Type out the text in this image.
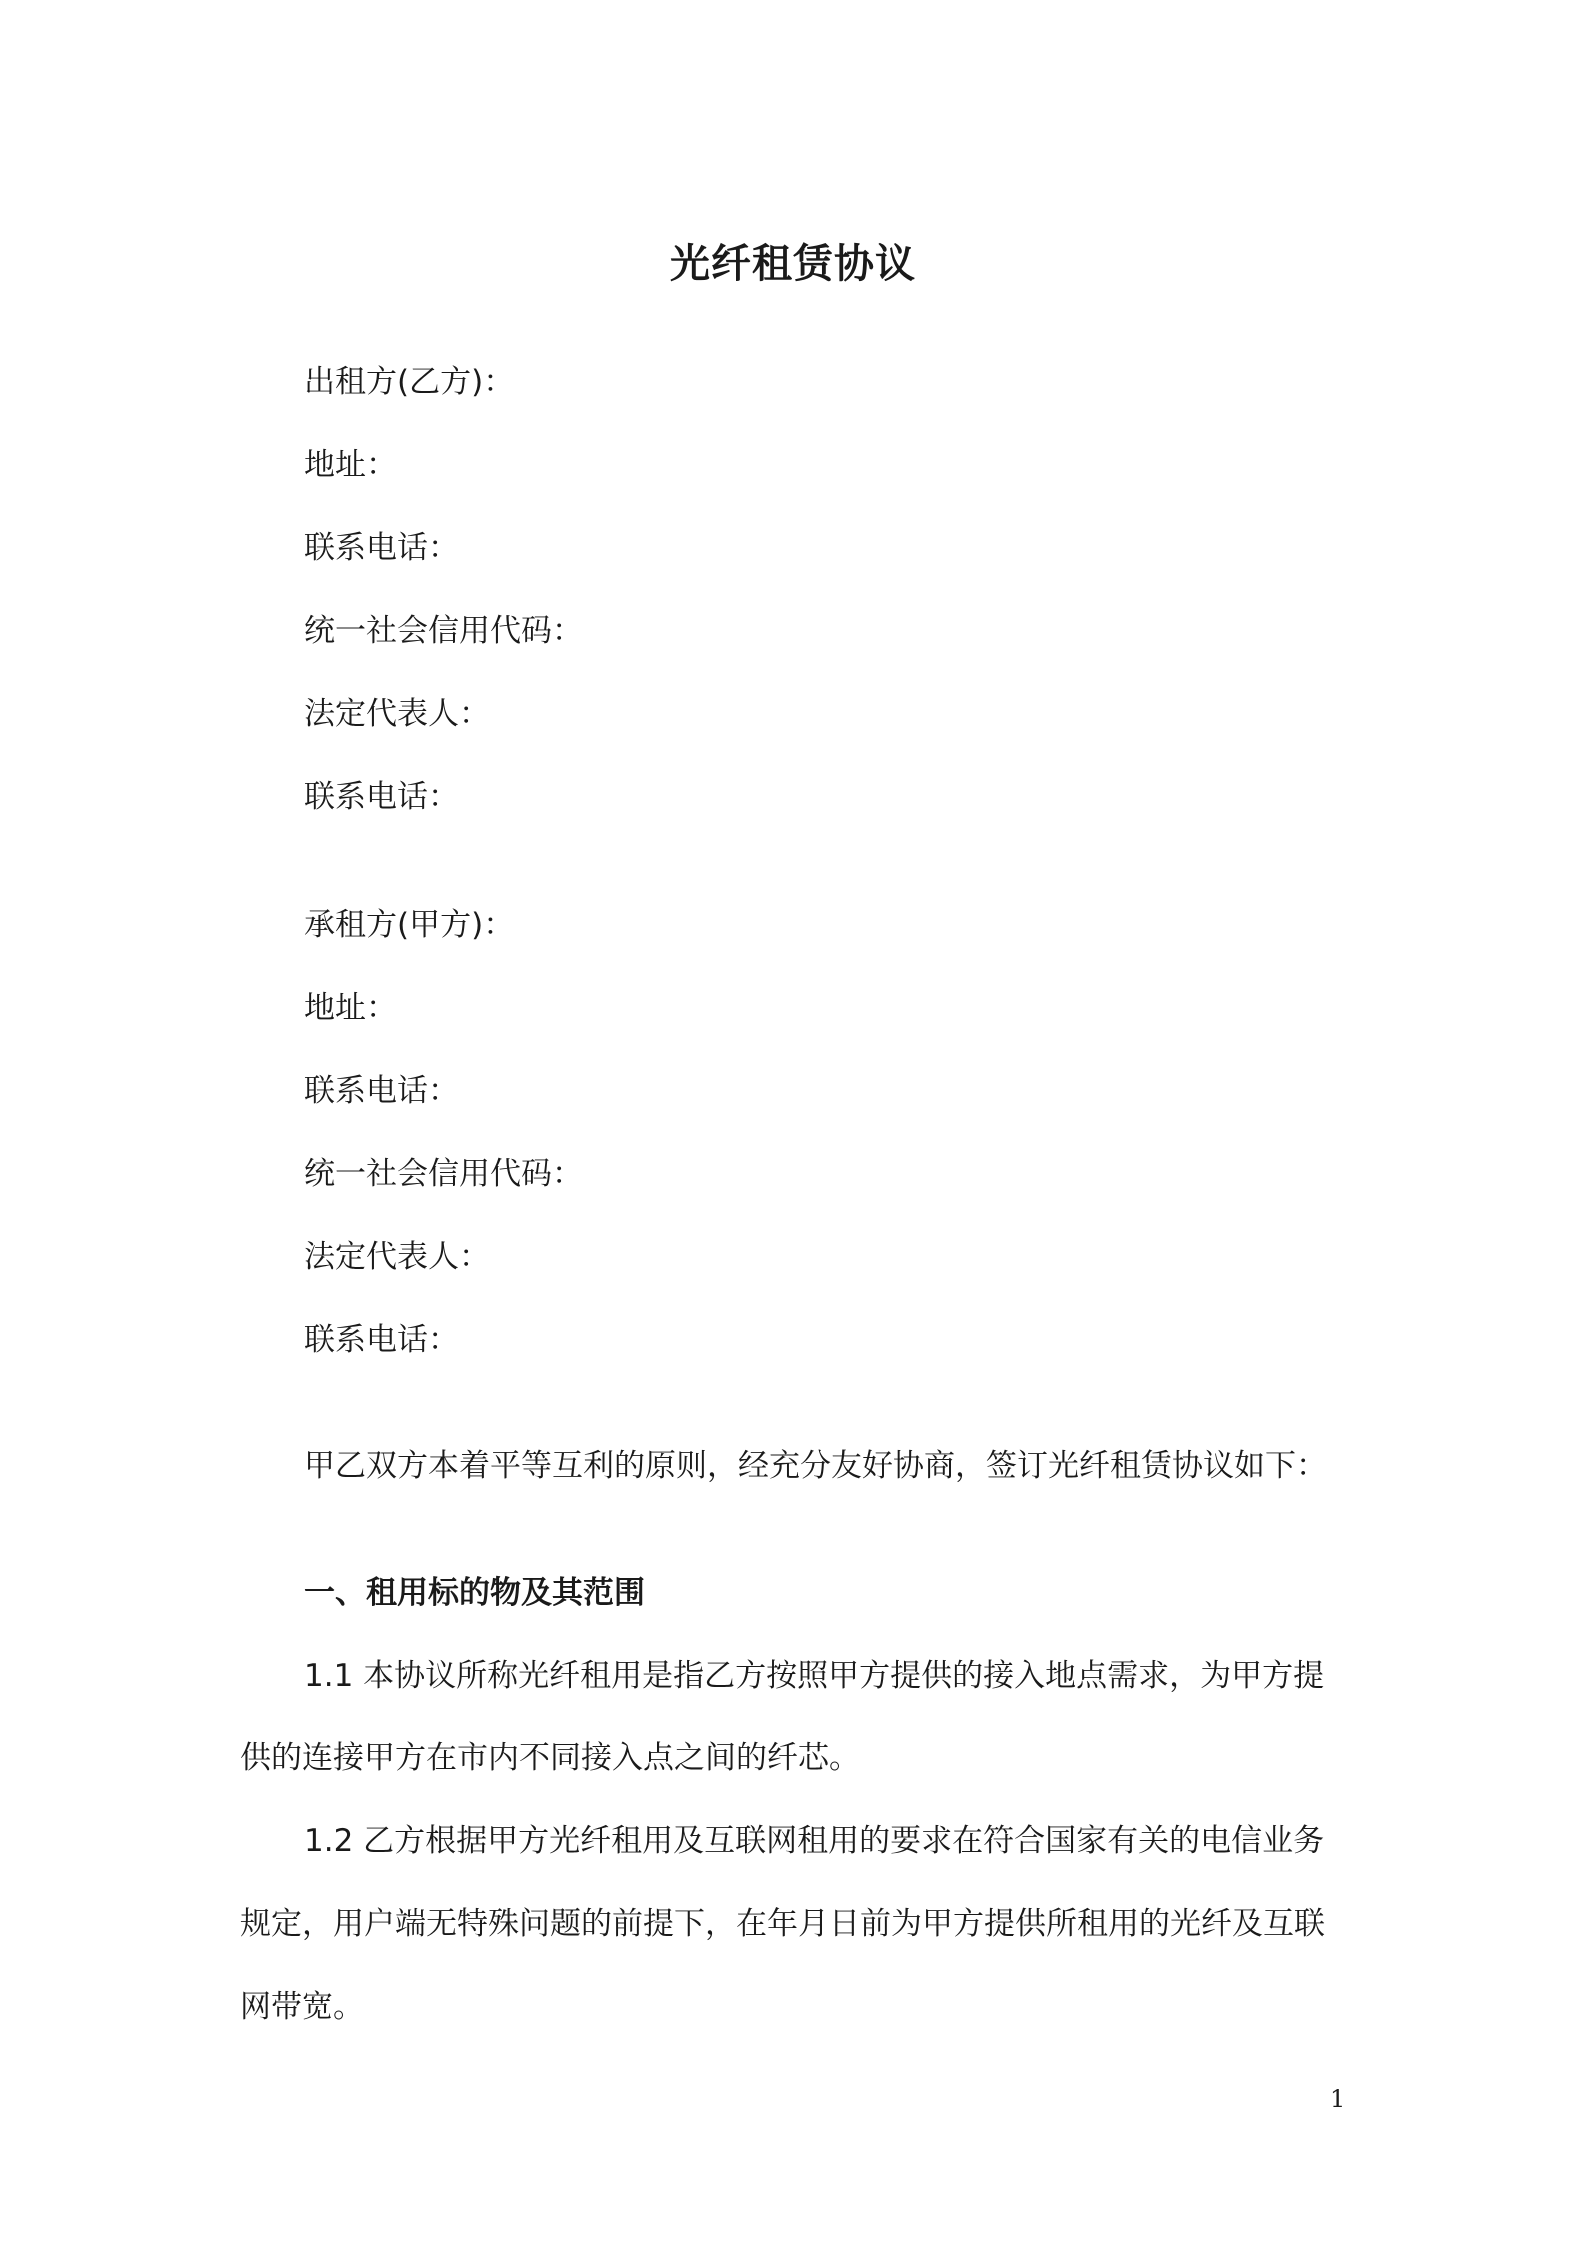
光纤租赁协议
出租方(乙方)：
地址：
联系电话：
统一社会信用代码：
法定代表人：
联系电话：
承租方(甲方)：
地址：
联系电话：
统一社会信用代码：
法定代表人：
联系电话：
甲乙双方本着平等互利的原则，经充分友好协商，签订光纤租赁协议如下：
一、租用标的物及其范围
1.1 本协议所称光纤租用是指乙方按照甲方提供的接入地点需求，为甲方提
供的连接甲方在市内不同接入点之间的纤芯。
1.2 乙方根据甲方光纤租用及互联网租用的要求在符合国家有关的电信业务
规定，用户端无特殊问题的前提下，在年月日前为甲方提供所租用的光纤及互联
网带宽。
1
